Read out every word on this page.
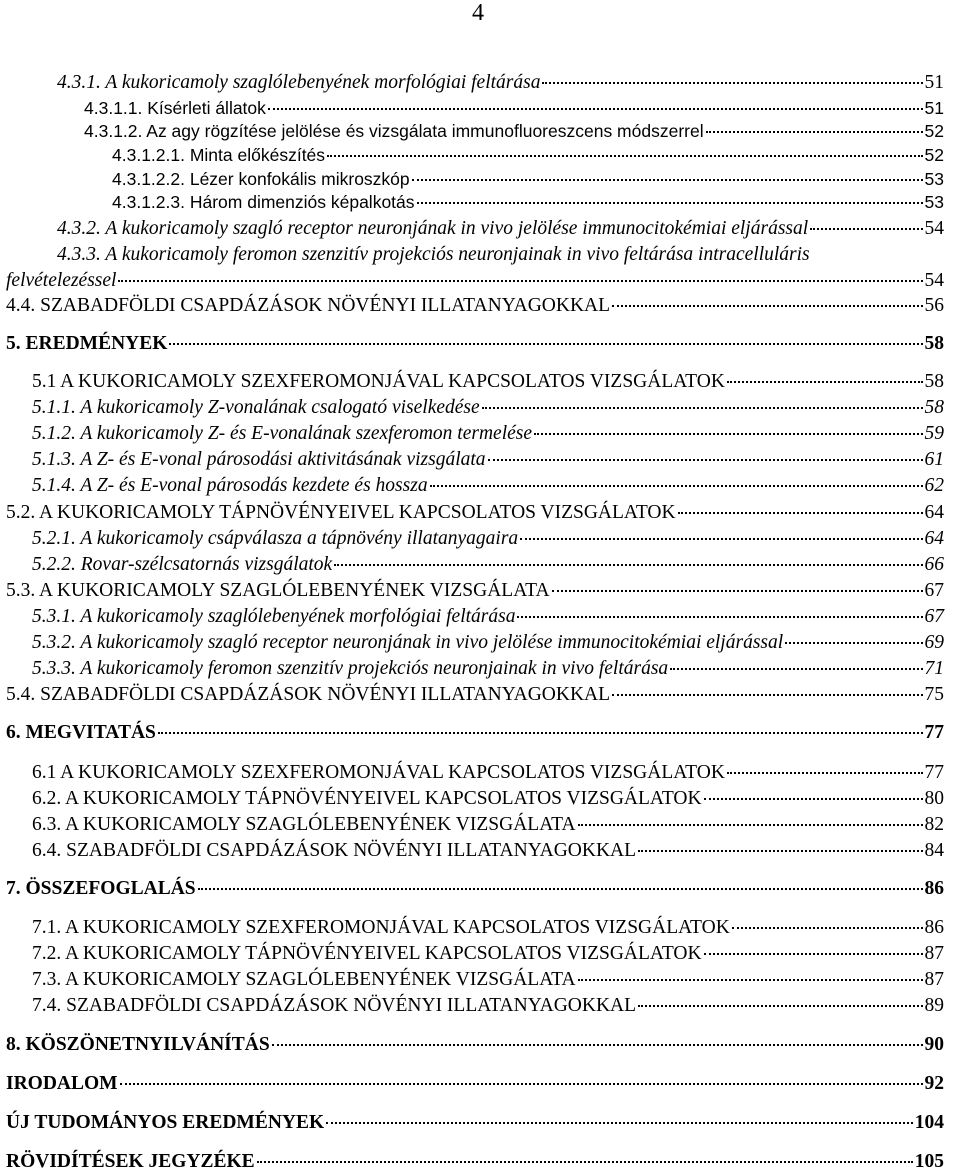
4
4.3.1. A kukoricamoly szaglólebenyének morfológiai feltárása	51
4.3.1.1. Kísérleti állatok	51
4.3.1.2. Az agy rögzítése jelölése és vizsgálata immunofluoreszcens módszerrel	52
4.3.1.2.1. Minta előkészítés	52
4.3.1.2.2. Lézer konfokális mikroszkóp	53
4.3.1.2.3. Három dimenziós képalkotás	53
4.3.2. A kukoricamoly szagló receptor neuronjának in vivo jelölése immunocitokémiai eljárással	54
4.3.3. A kukoricamoly feromon szenzitív projekciós neuronjainak in vivo feltárása intracelluláris
felvételezéssel	54
4.4. SZABADFÖLDI CSAPDÁZÁSOK NÖVÉNYI ILLATANYAGOKKAL	56
5. EREDMÉNYEK	58
5.1 A KUKORICAMOLY SZEXFEROMONJÁVAL KAPCSOLATOS VIZSGÁLATOK	58
5.1.1. A kukoricamoly Z-vonalának csalogató viselkedése	58
5.1.2. A kukoricamoly Z- és E-vonalának szexferomon termelése	59
5.1.3. A Z- és E-vonal párosodási aktivitásának vizsgálata	61
5.1.4. A Z- és E-vonal párosodás kezdete és hossza	62
5.2. A KUKORICAMOLY TÁPNÖVÉNYEIVEL KAPCSOLATOS VIZSGÁLATOK	64
5.2.1. A kukoricamoly csápválasza a tápnövény illatanyagaira	64
5.2.2. Rovar-szélcsatornás vizsgálatok	66
5.3. A KUKORICAMOLY SZAGLÓLEBENYÉNEK VIZSGÁLATA	67
5.3.1. A kukoricamoly szaglólebenyének morfológiai feltárása	67
5.3.2. A kukoricamoly szagló receptor neuronjának in vivo jelölése immunocitokémiai eljárással	69
5.3.3. A kukoricamoly feromon szenzitív projekciós neuronjainak in vivo feltárása	71
5.4. SZABADFÖLDI CSAPDÁZÁSOK NÖVÉNYI ILLATANYAGOKKAL	75
6. MEGVITATÁS	77
6.1 A KUKORICAMOLY SZEXFEROMONJÁVAL KAPCSOLATOS VIZSGÁLATOK	77
6.2. A KUKORICAMOLY TÁPNÖVÉNYEIVEL KAPCSOLATOS VIZSGÁLATOK	80
6.3. A KUKORICAMOLY SZAGLÓLEBENYÉNEK VIZSGÁLATA	82
6.4. SZABADFÖLDI CSAPDÁZÁSOK NÖVÉNYI ILLATANYAGOKKAL	84
7. ÖSSZEFOGLALÁS	86
7.1. A KUKORICAMOLY SZEXFEROMONJÁVAL KAPCSOLATOS VIZSGÁLATOK	86
7.2. A KUKORICAMOLY TÁPNÖVÉNYEIVEL KAPCSOLATOS VIZSGÁLATOK	87
7.3. A KUKORICAMOLY SZAGLÓLEBENYÉNEK VIZSGÁLATA	87
7.4. SZABADFÖLDI CSAPDÁZÁSOK NÖVÉNYI ILLATANYAGOKKAL	89
8. KÖSZÖNETNYILVÁNÍTÁS	90
IRODALOM	92
ÚJ TUDOMÁNYOS EREDMÉNYEK	104
RÖVIDÍTÉSEK JEGYZÉKE	105
